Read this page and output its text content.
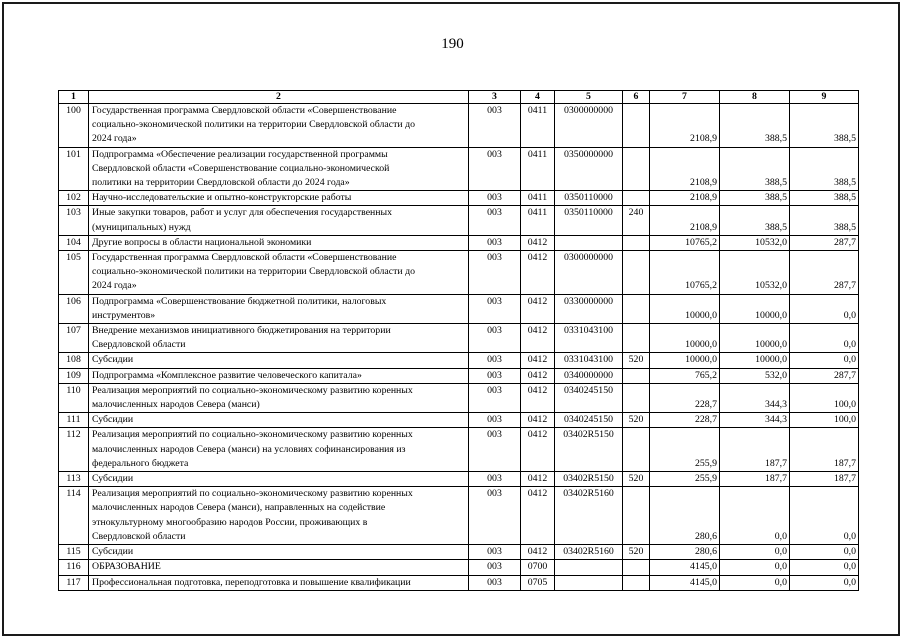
190
1	2	3	4	5	6	7	8	9
100	Государственная программа Свердловской области «Совершенствование
социально-экономической политики на территории Свердловской области до
2024 года»	003	0411	0300000000		2108,9	388,5	388,5
101	Подпрограмма «Обеспечение реализации государственной программы
Свердловской области «Совершенствование социально-экономической
политики на территории Свердловской области до 2024 года»	003	0411	0350000000		2108,9	388,5	388,5
102	Научно-исследовательские и опытно-конструкторские работы	003	0411	0350110000		2108,9	388,5	388,5
103	Иные закупки товаров, работ и услуг для обеспечения государственных
(муниципальных) нужд	003	0411	0350110000	240	2108,9	388,5	388,5
104	Другие вопросы в области национальной экономики	003	0412			10765,2	10532,0	287,7
105	Государственная программа Свердловской области «Совершенствование
социально-экономической политики на территории Свердловской области до
2024 года»	003	0412	0300000000		10765,2	10532,0	287,7
106	Подпрограмма «Совершенствование бюджетной политики, налоговых
инструментов»	003	0412	0330000000		10000,0	10000,0	0,0
107	Внедрение механизмов инициативного бюджетирования на территории
Свердловской области	003	0412	0331043100		10000,0	10000,0	0,0
108	Субсидии	003	0412	0331043100	520	10000,0	10000,0	0,0
109	Подпрограмма «Комплексное развитие человеческого капитала»	003	0412	0340000000		765,2	532,0	287,7
110	Реализация мероприятий по социально-экономическому развитию коренных
малочисленных народов Севера (манси)	003	0412	0340245150		228,7	344,3	100,0
111	Субсидии	003	0412	0340245150	520	228,7	344,3	100,0
112	Реализация мероприятий по социально-экономическому развитию коренных
малочисленных народов Севера (манси) на условиях софинансирования из
федерального бюджета	003	0412	03402R5150		255,9	187,7	187,7
113	Субсидии	003	0412	03402R5150	520	255,9	187,7	187,7
114	Реализация мероприятий по социально-экономическому развитию коренных
малочисленных народов Севера (манси), направленных на содействие
этнокультурному многообразию народов России, проживающих в
Свердловской области	003	0412	03402R5160		280,6	0,0	0,0
115	Субсидии	003	0412	03402R5160	520	280,6	0,0	0,0
116	ОБРАЗОВАНИЕ	003	0700			4145,0	0,0	0,0
117	Профессиональная подготовка, переподготовка и повышение квалификации	003	0705			4145,0	0,0	0,0
